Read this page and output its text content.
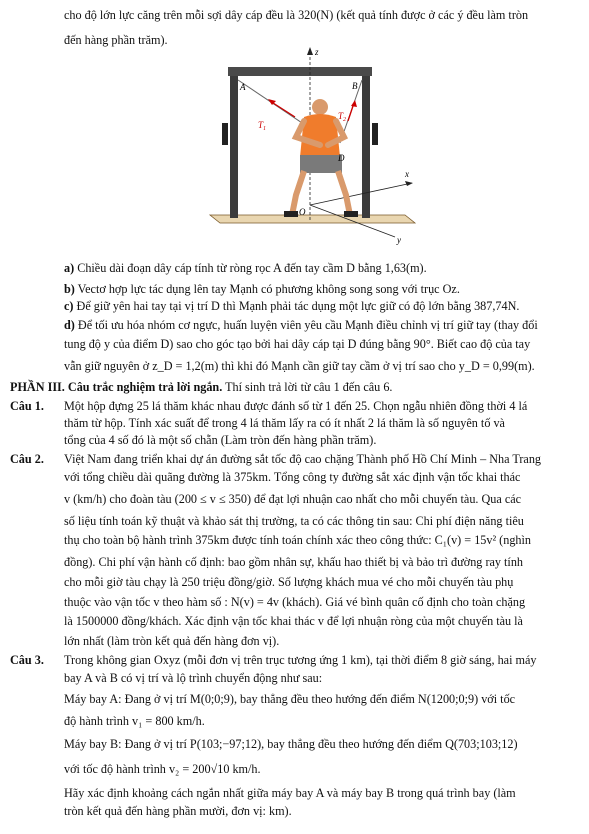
cho độ lớn lực căng trên mỗi sợi dây cáp đều là 320(N) (kết quả tính được ở các ý đều làm tròn
đến hàng phần trăm).
z
x
y
O
$T_1$
$T_2$
A	B
D
a) Chiều dài đoạn dây cáp tính từ ròng rọc A đến tay cầm D bằng 1,63(m).
b) Vectơ hợp lực tác dụng lên tay Mạnh có phương không song song với trục Oz.
c) Để giữ yên hai tay tại vị trí D thì Mạnh phải tác dụng một lực giữ có độ lớn bằng 387,74N.
d) Để tối ưu hóa nhóm cơ ngực, huấn luyện viên yêu cầu Mạnh điều chỉnh vị trí giữ tay (thay đổi
tung độ y của điểm D) sao cho góc tạo bởi hai dây cáp tại D đúng bằng 90°. Biết cao độ của tay
vẫn giữ nguyên ở z_D = 1,2(m) thì khi đó Mạnh cần giữ tay cầm ở vị trí sao cho y_D = 0,99(m).
PHẦN III. Câu trắc nghiệm trả lời ngắn. Thí sinh trả lời từ câu 1 đến câu 6.
Câu 1. Một hộp đựng 25 lá thăm khác nhau được đánh số từ 1 đến 25. Chọn ngẫu nhiên đồng thời 4 lá
thăm từ hộp. Tính xác suất để trong 4 lá thăm lấy ra có ít nhất 2 lá thăm là số nguyên tố và
tổng của 4 số đó là một số chẵn (Làm tròn đến hàng phần trăm).
Câu 2. Việt Nam đang triển khai dự án đường sắt tốc độ cao chặng Thành phố Hồ Chí Minh – Nha Trang
với tổng chiều dài quãng đường là 375km. Tổng công ty đường sắt xác định vận tốc khai thác
v (km/h) cho đoàn tàu (200 ≤ v ≤ 350) để đạt lợi nhuận cao nhất cho mỗi chuyến tàu. Qua các
số liệu tính toán kỹ thuật và khảo sát thị trường, ta có các thông tin sau: Chi phí điện năng tiêu
thụ cho toàn bộ hành trình 375km được tính toán chính xác theo công thức: C₁(v) = 15v² (nghìn
đồng). Chi phí vận hành cố định: bao gồm nhân sự, khấu hao thiết bị và bảo trì đường ray tính
cho mỗi giờ tàu chạy là 250 triệu đồng/giờ. Số lượng khách mua vé cho mỗi chuyến tàu phụ
thuộc vào vận tốc v theo hàm số : N(v) = 4v (khách). Giá vé bình quân cố định cho toàn chặng
là 1500000 đồng/khách. Xác định vận tốc khai thác v để lợi nhuận ròng của một chuyến tàu là
lớn nhất (làm tròn kết quả đến hàng đơn vị).
Câu 3. Trong không gian Oxyz (mỗi đơn vị trên trục tương ứng 1 km), tại thời điểm 8 giờ sáng, hai máy
bay A và B có vị trí và lộ trình chuyển động như sau:
Máy bay A: Đang ở vị trí M(0;0;9), bay thẳng đều theo hướng đến điểm N(1200;0;9) với tốc
độ hành trình v₁ = 800 km/h.
Máy bay B: Đang ở vị trí P(103;−97;12), bay thẳng đều theo hướng đến điểm Q(703;103;12)
với tốc độ hành trình v₂ = 200√10 km/h.
Hãy xác định khoảng cách ngắn nhất giữa máy bay A và máy bay B trong quá trình bay (làm
tròn kết quả đến hàng phần mười, đơn vị: km).
